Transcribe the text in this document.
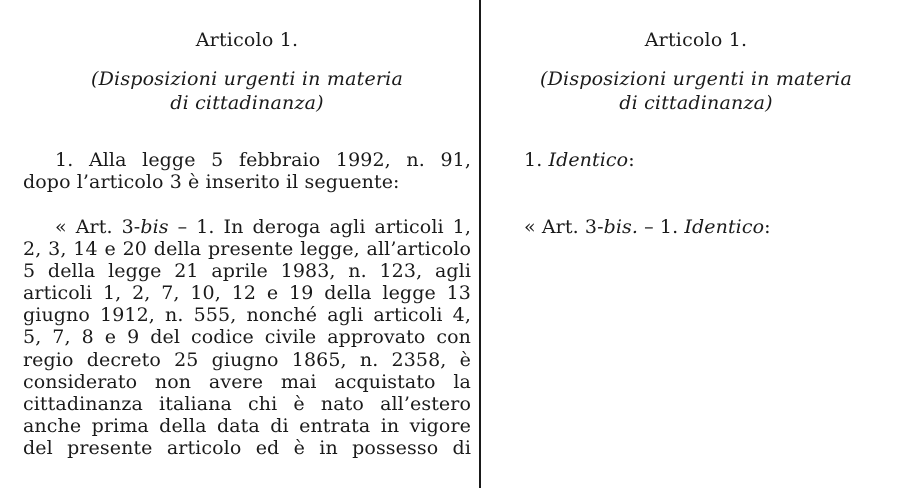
Articolo 1.
(Disposizioni urgenti in materia
di cittadinanza)
1. Alla legge 5 febbraio 1992, n. 91,
dopo l’articolo 3 è inserito il seguente:
« Art. 3-bis – 1. In deroga agli articoli 1,
2, 3, 14 e 20 della presente legge, all’articolo
5 della legge 21 aprile 1983, n. 123, agli
articoli 1, 2, 7, 10, 12 e 19 della legge 13
giugno 1912, n. 555, nonché agli articoli 4,
5, 7, 8 e 9 del codice civile approvato con
regio decreto 25 giugno 1865, n. 2358, è
considerato non avere mai acquistato la
cittadinanza italiana chi è nato all’estero
anche prima della data di entrata in vigore
del presente articolo ed è in possesso di
Articolo 1.
(Disposizioni urgenti in materia
di cittadinanza)
1. Identico:
« Art. 3-bis. – 1. Identico:
